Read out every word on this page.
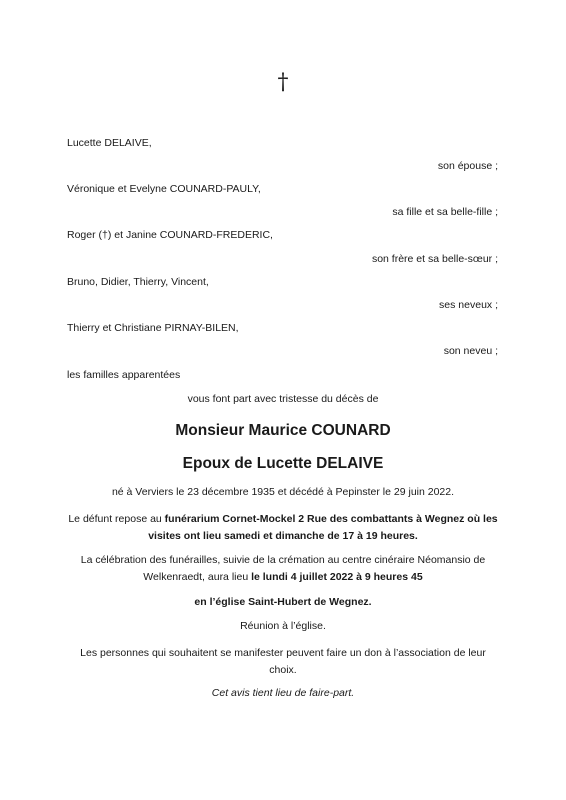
†
Lucette DELAIVE,
son épouse ;
Véronique et Evelyne COUNARD-PAULY,
sa fille et sa belle-fille ;
Roger (†) et Janine COUNARD-FREDERIC,
son frère et sa belle-sœur ;
Bruno, Didier, Thierry, Vincent,
ses neveux ;
Thierry et Christiane PIRNAY-BILEN,
son neveu ;
les familles apparentées
vous font part avec tristesse du décès de
Monsieur Maurice COUNARD
Epoux de Lucette DELAIVE
né à Verviers le 23 décembre 1935 et décédé à Pepinster le 29 juin 2022.
Le défunt repose au funérarium Cornet-Mockel 2 Rue des combattants à Wegnez où les
visites ont lieu samedi et dimanche de 17 à 19 heures.
La célébration des funérailles, suivie de la crémation au centre cinéraire Néomansio de
Welkenraedt, aura lieu le lundi 4 juillet 2022 à 9 heures 45
en l’église Saint-Hubert de Wegnez.
Réunion à l’église.
Les personnes qui souhaitent se manifester peuvent faire un don à l’association de leur
choix.
Cet avis tient lieu de faire-part.
